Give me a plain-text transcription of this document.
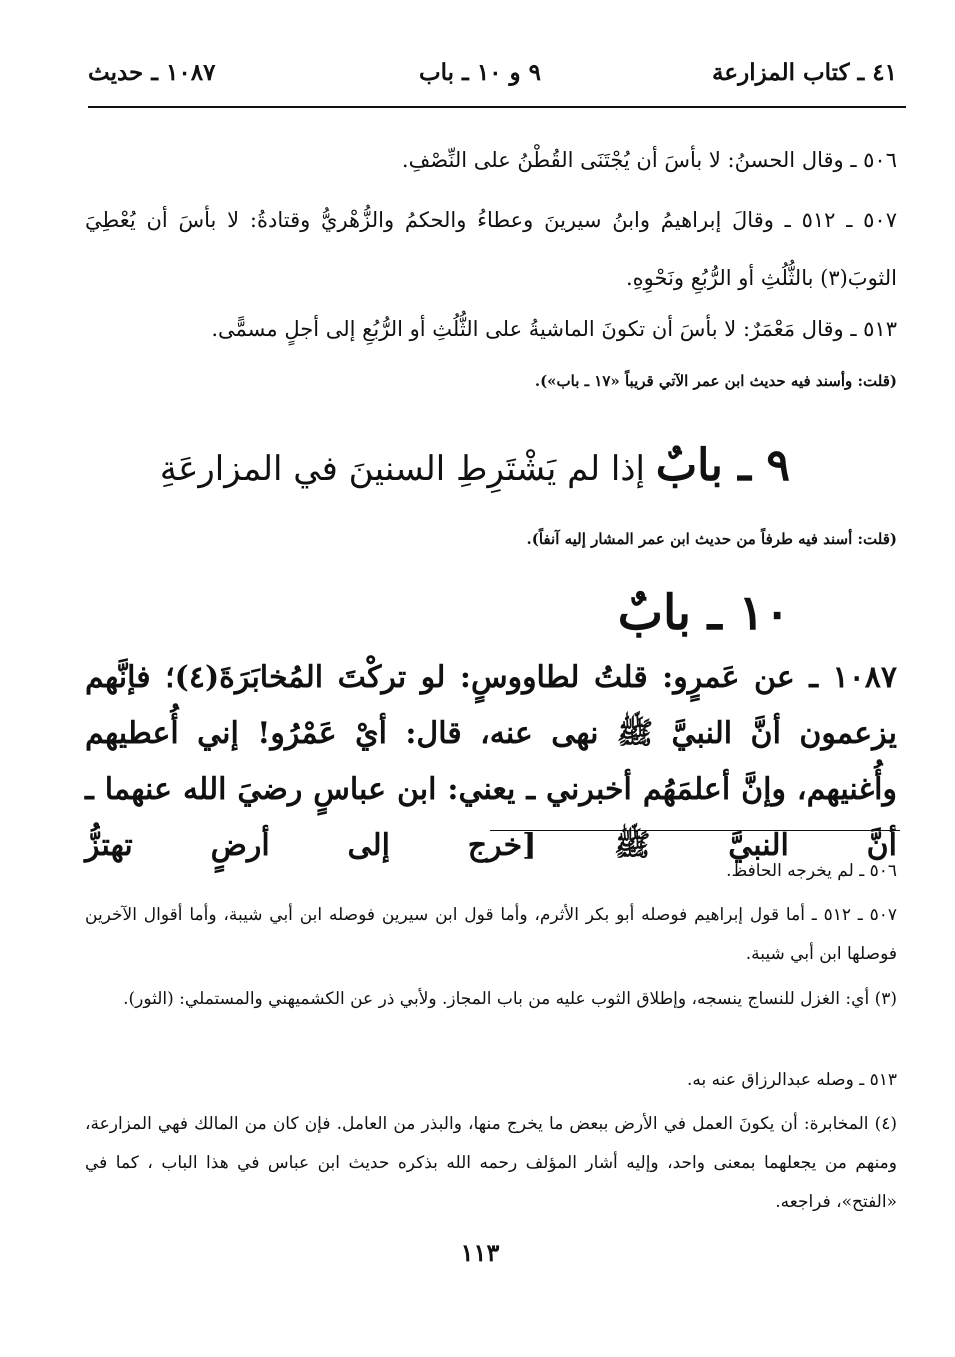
٤١ ـ كتاب المزارعة
٩ و ١٠ ـ باب
١٠٨٧ ـ حديث
٥٠٦ ـ وقال الحسنُ: لا بأسَ أن يُجْتَنَى القُطْنُ على النِّصْفِ.
٥٠٧ ـ ٥١٢ ـ وقالَ إبراهيمُ وابنُ سيرينَ وعطاءُ والحكمُ والزُّهْريُّ وقتادةُ: لا بأسَ أن يُعْطِيَ الثوبَ(٣) بالثُّلُثِ أو الرُّبُعِ ونَحْوِهِ.
٥١٣ ـ وقال مَعْمَرٌ: لا بأسَ أن تكونَ الماشيةُ على الثُّلُثِ أو الرُّبُعِ إلى أجلٍ مسمًّى.
(قلت: وأسند فيه حديث ابن عمر الآتي قريباً «١٧ ـ باب»).
٩ ـ بابٌ إذا لم يَشْتَرِطِ السنينَ في المزارعَةِ
(قلت: أسند فيه طرفاً من حديث ابن عمر المشار إليه آنفاً).
١٠ ـ بابٌ
١٠٨٧ ـ عن عَمرٍو: قلتُ لطاووسٍ: لو تركْتَ المُخابَرَةَ(٤)؛ فإنَّهم يزعمون أنَّ النبيَّ ﷺ نهى عنه، قال: أيْ عَمْرُو! إني أُعطيهم وأُغنيهم، وإنَّ أعلمَهُم أخبرني ـ يعني: ابن عباسٍ رضيَ الله عنهما ـ أنَّ النبيَّ ﷺ [خرج إلى أرضٍ تهتزُّ
٥٠٦ ـ لم يخرجه الحافظ.
٥٠٧ ـ ٥١٢ ـ أما قول إبراهيم فوصله أبو بكر الأثرم، وأما قول ابن سيرين فوصله ابن أبي شيبة، وأما أقوال الآخرين فوصلها ابن أبي شيبة.
(٣) أي: الغزل للنساج ينسجه، وإطلاق الثوب عليه من باب المجاز. ولأبي ذر عن الكشميهني والمستملي: (الثور).
٥١٣ ـ وصله عبدالرزاق عنه به.
(٤) المخابرة: أن يكونَ العمل في الأرض ببعض ما يخرج منها، والبذر من العامل. فإن كان من المالك فهي المزارعة، ومنهم من يجعلهما بمعنى واحد، وإليه أشار المؤلف رحمه الله بذكره حديث ابن عباس في هذا الباب ، كما في «الفتح»، فراجعه.
١١٣
